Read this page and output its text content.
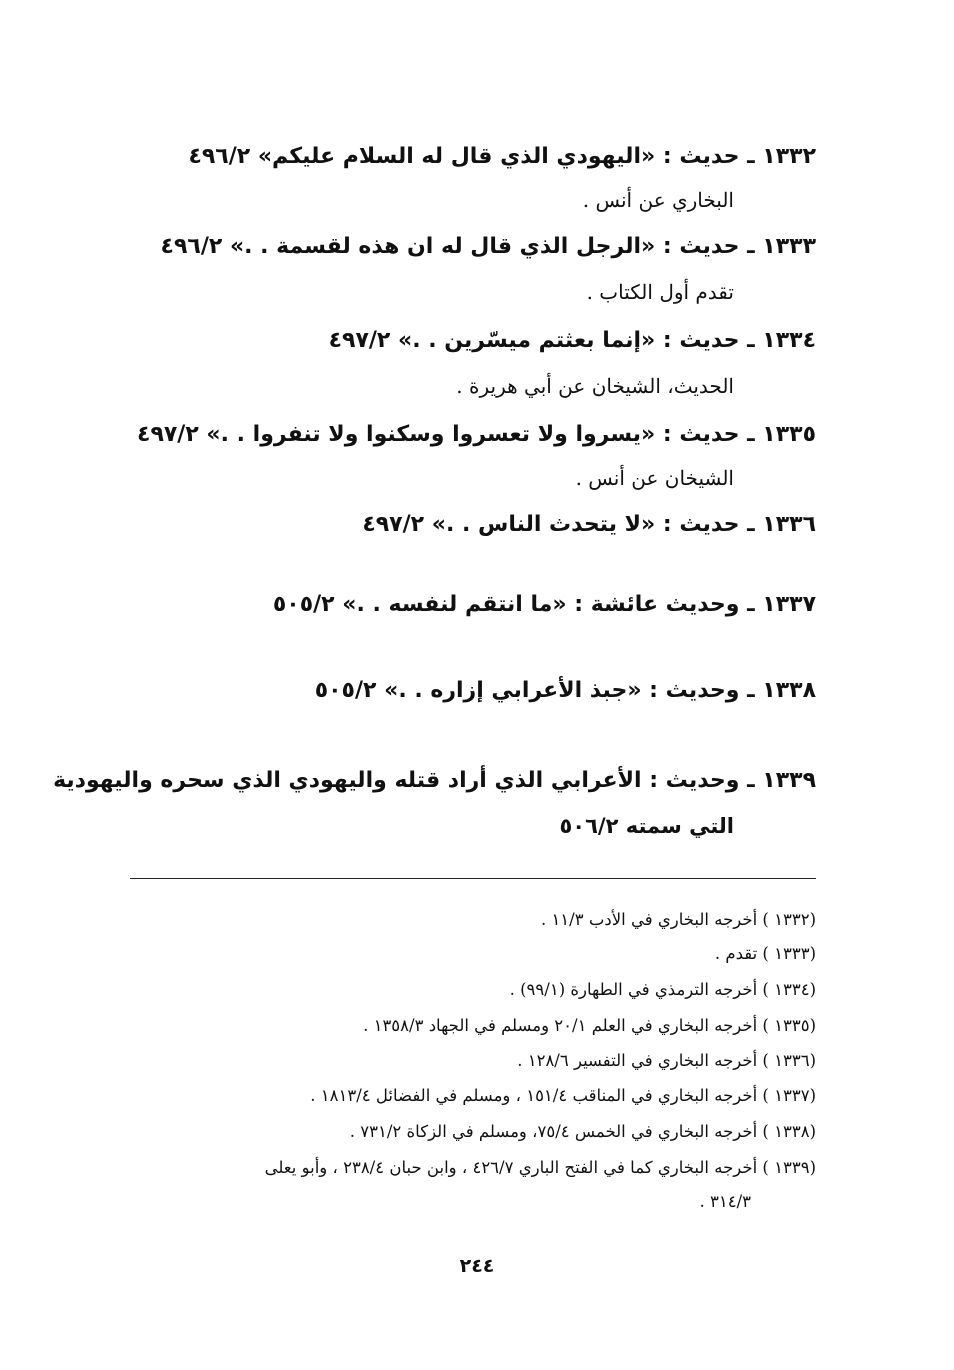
١٣٣٢ ـ حديث : «اليهودي الذي قال له السلام عليكم» ٤٩٦/٢
البخاري عن أنس .
١٣٣٣ ـ حديث : «الرجل الذي قال له ان هذه لقسمة . .» ٤٩٦/٢
تقدم أول الكتاب .
١٣٣٤ ـ حديث : «إنما بعثتم ميسّرين . .» ٤٩٧/٢
الحديث، الشيخان عن أبي هريرة .
١٣٣٥ ـ حديث : «يسروا ولا تعسروا وسكنوا ولا تنفروا . .» ٤٩٧/٢
الشيخان عن أنس .
١٣٣٦ ـ حديث : «لا يتحدث الناس . .» ٤٩٧/٢
١٣٣٧ ـ وحديث عائشة : «ما انتقم لنفسه . .» ٥٠٥/٢
١٣٣٨ ـ وحديث : «جبذ الأعرابي إزاره . .» ٥٠٥/٢
١٣٣٩ ـ وحديث : الأعرابي الذي أراد قتله واليهودي الذي سحره واليهودية
التي سمته ٥٠٦/٢
(١٣٣٢ ) أخرجه البخاري في الأدب ١١/٣ .
(١٣٣٣ ) تقدم .
(١٣٣٤ ) أخرجه الترمذي في الطهارة (٩٩/١) .
(١٣٣٥ ) أخرجه البخاري في العلم ٢٠/١ ومسلم في الجهاد ١٣٥٨/٣ .
(١٣٣٦ ) أخرجه البخاري في التفسير ١٢٨/٦ .
(١٣٣٧ ) أخرجه البخاري في المناقب ١٥١/٤ ، ومسلم في الفضائل ١٨١٣/٤ .
(١٣٣٨ ) أخرجه البخاري في الخمس ٧٥/٤، ومسلم في الزكاة ٧٣١/٢ .
(١٣٣٩ ) أخرجه البخاري كما في الفتح الباري ٤٢٦/٧ ، وابن حبان ٢٣٨/٤ ، وأبو يعلى
٣١٤/٣ .
٢٤٤
